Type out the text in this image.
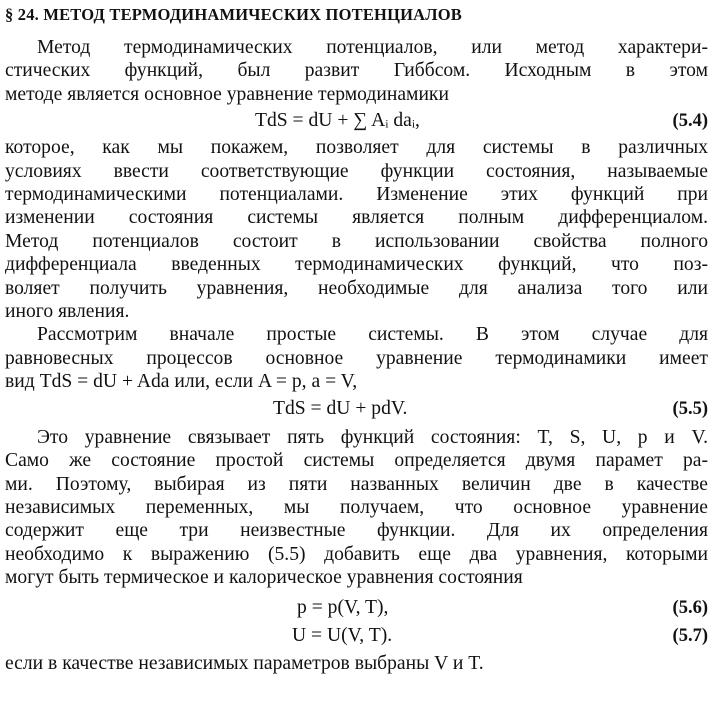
§ 24. МЕТОД ТЕРМОДИНАМИЧЕСКИХ ПОТЕНЦИАЛОВ

Метод термодинамических потенциалов, или метод характери-
стических функций, был развит Гиббсом. Исходным в этом
методе является основное уравнение термодинамики

TdS = dU + ∑ Aᵢ daᵢ,	(5.4)

которое, как мы покажем, позволяет для системы в различных
условиях ввести соответствующие функции состояния, называемые
термодинамическими потенциалами. Изменение этих функций при
изменении состояния системы является полным дифференциалом.
Метод потенциалов состоит в использовании свойства полного
дифференциала введенных термодинамических функций, что поз-
воляет получить уравнения, необходимые для анализа того или
иного явления.

Рассмотрим вначале простые системы. В этом случае для
равновесных процессов основное уравнение термодинамики имеет
вид TdS = dU + Ada или, если A = p, a = V,

TdS = dU + pdV.	(5.5)

Это уравнение связывает пять функций состояния: T, S, U, p и V.
Само же состояние простой системы определяется двумя парамет ра-
ми. Поэтому, выбирая из пяти названных величин две в качестве
независимых переменных, мы получаем, что основное уравнение
содержит еще три неизвестные функции. Для их определения
необходимо к выражению (5.5) добавить еще два уравнения, которыми
могут быть термическое и калорическое уравнения состояния

p = p(V, T),	(5.6)
U = U(V, T).	(5.7)

если в качестве независимых параметров выбраны V и T.
